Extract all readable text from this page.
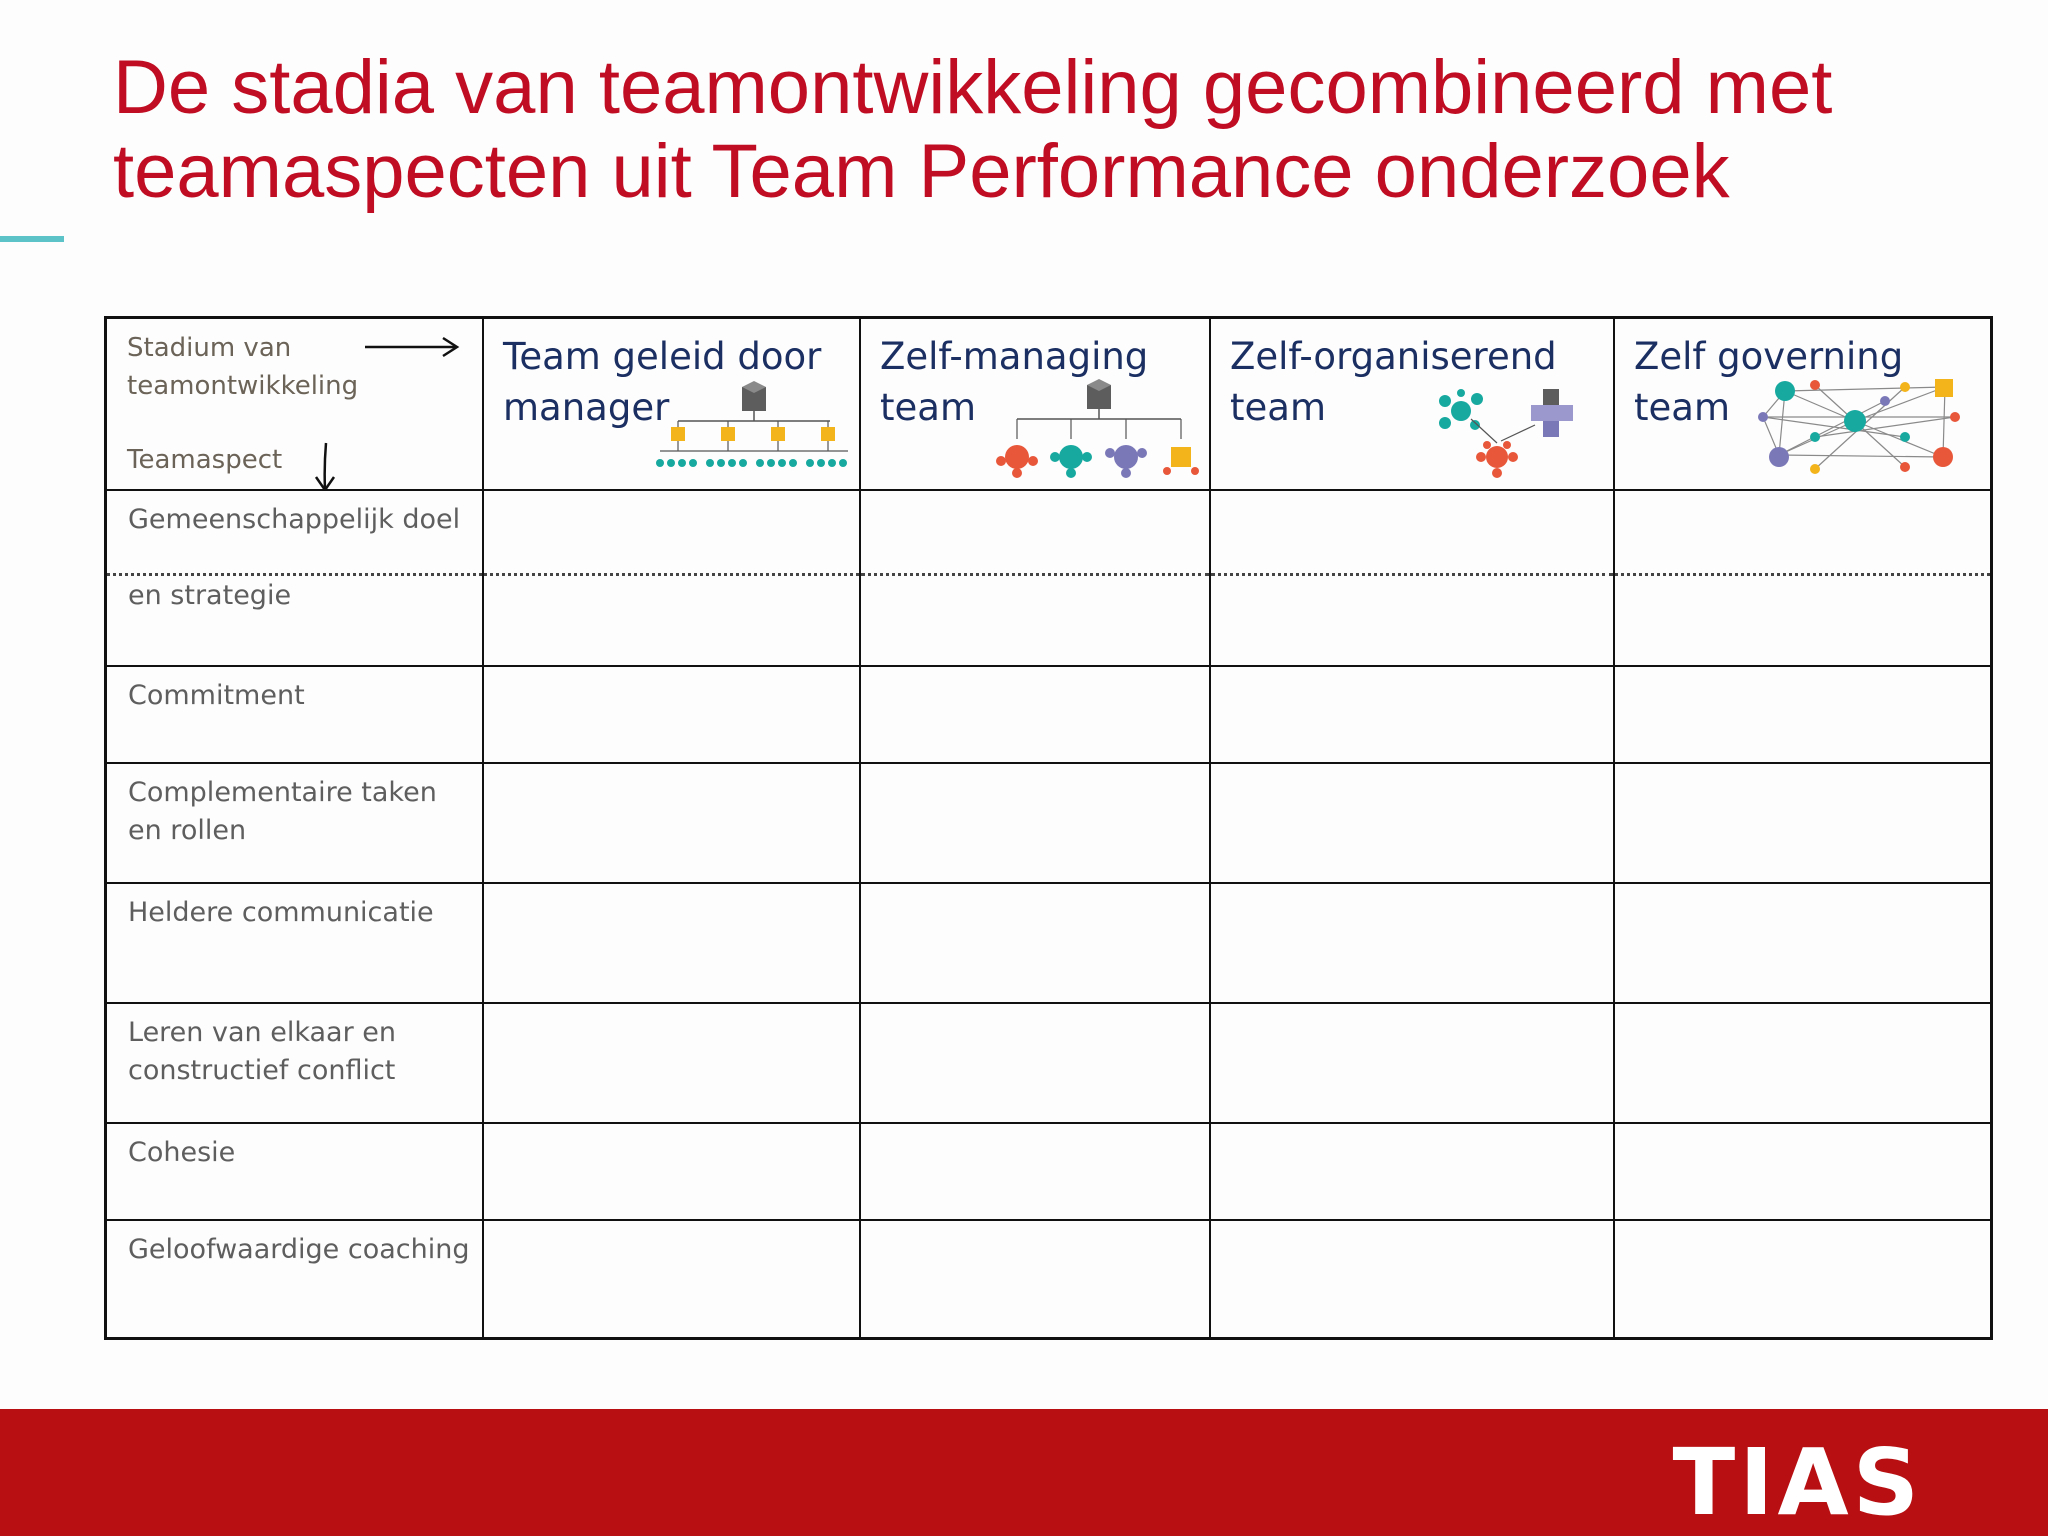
De stadia van teamontwikkeling gecombineerd met
teamaspecten uit Team Performance onderzoek
Stadium van teamontwikkeling
Teamaspect
Team geleid door manager
Zelf-managing team
Zelf-organiserend team
Zelf governing team
Gemeenschappelijk doel
en strategie
Commitment
Complementaire taken en rollen
Heldere communicatie
Leren van elkaar en constructief conflict
Cohesie
Geloofwaardige coaching
TIAS
